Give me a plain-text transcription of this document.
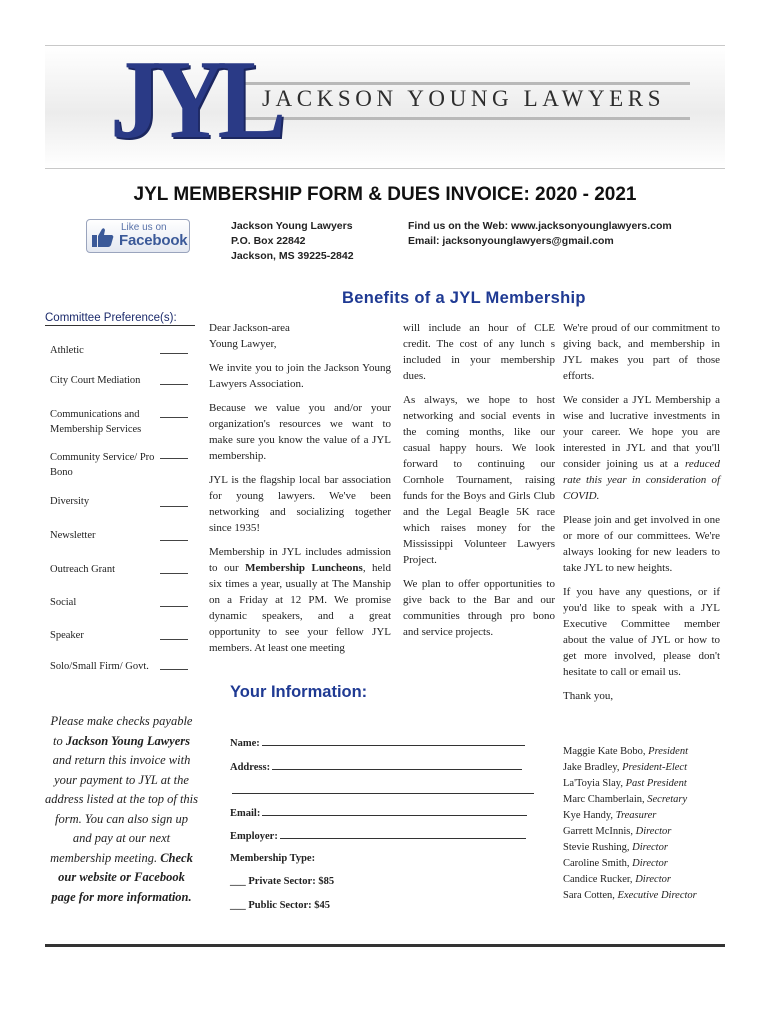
JYL
JACKSON YOUNG LAWYERS
JYL MEMBERSHIP FORM & DUES INVOICE: 2020 - 2021
Like us on
Facebook
Jackson Young Lawyers
P.O. Box 22842
Jackson, MS 39225-2842
Find us on the Web: www.jacksonyounglawyers.com
Email: jacksonyounglawyers@gmail.com
Benefits of a JYL Membership
Committee Preference(s):
Athletic
City Court Mediation
Communications and Membership Services
Community Service/ Pro Bono
Diversity
Newsletter
Outreach Grant
Social
Speaker
Solo/Small Firm/ Govt.
Please make checks payable to Jackson Young Lawyers and return this invoice with your payment to JYL at the address listed at the top of this form. You can also sign up and pay at our next membership meeting. Check our website or Facebook page for more information.

Dear Jackson-area Young Lawyer,

We invite you to join the Jackson Young Lawyers Association.

Because we value you and/or your organization's resources we want to make sure you know the value of a JYL membership.

JYL is the flagship local bar association for young lawyers. We've been networking and socializing together since 1935!

Membership in JYL includes admission to our Membership Luncheons, held six times a year, usually at The Manship on a Friday at 12 PM. We promise dynamic speakers, and a great opportunity to see your fellow JYL members. At least one meeting

will include an hour of CLE credit. The cost of any lunch s included in your membership dues.

As always, we hope to host networking and social events in the coming months, like our casual happy hours. We look forward to continuing our Cornhole Tournament, raising funds for the Boys and Girls Club and the Legal Beagle 5K race which raises money for the Mississippi Volunteer Lawyers Project.

We plan to offer opportunities to give back to the Bar and our communities through pro bono and service projects.

We're proud of our commitment to giving back, and membership in JYL makes you part of those efforts.

We consider a JYL Membership a wise and lucrative investments in your career. We hope you are interested in JYL and that you'll consider joining us at a reduced rate this year in consideration of COVID.

Please join and get involved in one or more of our committees. We're always looking for new leaders to take JYL to new heights.

If you have any questions, or if you'd like to speak with a JYL Executive Committee member about the value of JYL or how to get more involved, please don't hesitate to call or email us.

Thank you,

Maggie Kate Bobo, President
Jake Bradley, President-Elect
La'Toyia Slay, Past President
Marc Chamberlain, Secretary
Kye Handy, Treasurer
Garrett McInnis, Director
Stevie Rushing, Director
Caroline Smith, Director
Candice Rucker, Director
Sara Cotten, Executive Director
Your Information:
Name:
Address:
Email:
Employer:
Membership Type:
___ Private Sector: $85
___ Public Sector: $45
